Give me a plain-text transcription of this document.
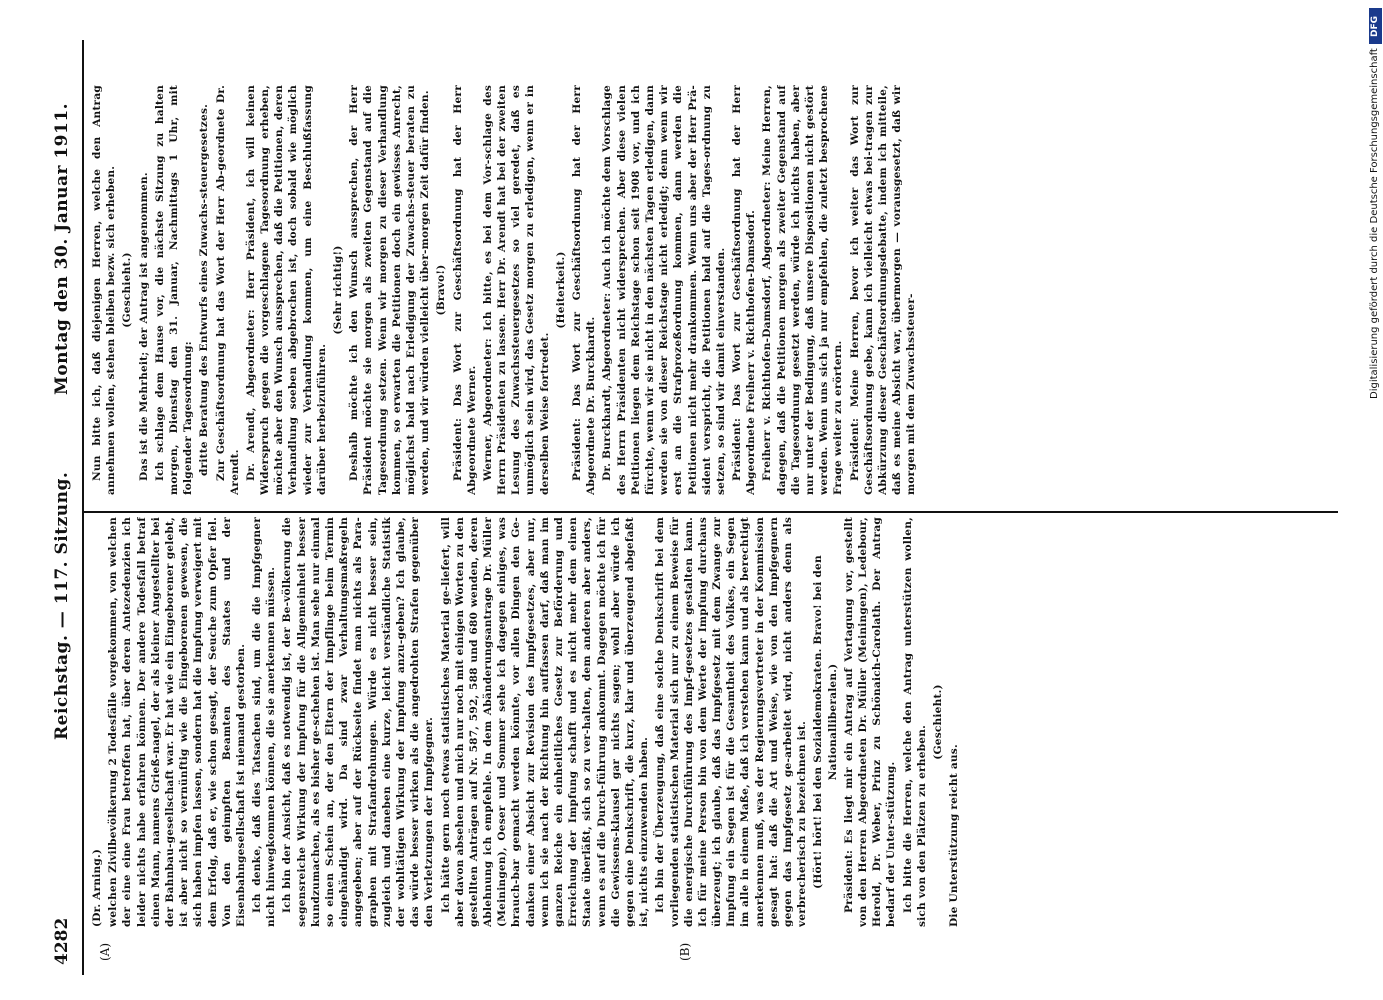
4282
Reichstag. — 117. Sitzung.
Montag den 30. Januar 1911.
(A)	(B)

(Dr. Arning.) welchen Zivilbevölkerung 2 Todesfälle vorgekommen, von welchen der eine eine Frau betroffen hat, über deren Antezedenzien ich leider nichts habe erfahren können. Der andere Todesfall betraf einen Mann, namens Grieß-nagel, der als kleiner Angestellter bei der Bahnbau-gesellschaft war. Er hat wie ein Eingeborener gelebt, ist aber nicht so vernünftig wie die Eingeborenen gewesen, die sich haben impfen lassen, sondern hat die Impfung verweigert mit dem Erfolg, daß er, wie schon gesagt, der Seuche zum Opfer fiel. Von den geimpften Beamten des Staates und der Eisenbahngesellschaft ist niemand gestorben. Ich denke, daß dies Tatsachen sind, um die die Impfgegner nicht hinwegkommen können, die sie anerkennen müssen. Ich bin der Ansicht, daß es notwendig ist, der Be-völkerung die segensreiche Wirkung der Impfung für die Allgemeinheit besser kundzumachen, als es bisher ge-schehen ist. Man sehe nur einmal so einen Schein an, der den Eltern der Impflinge beim Termin eingehändigt wird. Da sind zwar Verhaltungsmaßregeln angegeben; aber auf der Rückseite findet man nichts als Para-graphen mit Strafandrohungen. Würde es nicht besser sein, zugleich und daneben eine kurze, leicht verständliche Statistik der wohltätigen Wirkung der Impfung anzu-geben? Ich glaube, das würde besser wirken als die angedrohten Strafen gegenüber den Verletzungen der Impfgegner. Ich hätte gern noch etwas statistisches Material ge-liefert, will aber davon absehen und mich nur noch mit einigen Worten zu den gestellten Anträgen auf Nr. 587, 592, 588 und 680 wenden, deren Ablehnung ich empfehle. In dem Abänderungsantrage Dr. Müller (Meiningen), Oeser und Sommer sehe ich dagegen einiges, was brauch-bar gemacht werden könnte, vor allen Dingen den Ge-danken einer Absicht zur Revision des Impfgesetzes, aber nur, wenn ich sie nach der Richtung hin auffassen darf, daß man im ganzen Reiche ein einheitliches Gesetz zur Beförderung und Erreichung der Impfung schafft und es nicht mehr dem einen Staate überläßt, sich so zu ver-halten, dem anderen aber anders, wenn es auf die Durch-führung ankommt. Dagegen möchte ich für die Gewissens-klausel gar nichts sagen; wohl aber würde ich gegen eine Denkschrift, die kurz, klar und überzeugend abgefaßt ist, nichts einzuwenden haben. Ich bin der Überzeugung, daß eine solche Denkschrift bei dem vorliegenden statistischen Material sich nur zu einem Beweise für die energische Durchführung des Impf-gesetzes gestalten kann. Ich für meine Person bin von dem Werte der Impfung durchaus überzeugt; ich glaube, daß das Impfgesetz mit dem Zwange zur Impfung ein Segen ist für die Gesamtheit des Volkes, ein Segen im alle in einem Maße, daß ich verstehen kann und als berechtigt anerkennen muß, was der Regierungsvertreter in der Kommission gesagt hat: daß die Art und Weise, wie von den Impfgegnern gegen das Impfgesetz ge-arbeitet wird, nicht anders denn als verbrecherisch zu bezeichnen ist. (Hört! hört! bei den Sozialdemokraten. Bravo! bei den Nationalliberalen.) Präsident: Es liegt mir ein Antrag auf Vertagung vor, gestellt von den Herren Abgeordneten Dr. Müller (Meiningen), Ledebour, Herold, Dr. Weber, Prinz zu Schönaich-Carolath. Der Antrag bedarf der Unter-stützung. Ich bitte die Herren, welche den Antrag unterstützen wollen, sich von den Plätzen zu erheben.

(Geschieht.)

Die Unterstützung reicht aus.

Nun bitte ich, daß diejenigen Herren, welche den Antrag annehmen wollen, stehen bleiben bezw. sich erheben. (Geschieht.) Das ist die Mehrheit; der Antrag ist angenommen. Ich schlage dem Hause vor, die nächste Sitzung zu halten morgen, Dienstag den 31. Januar, Nachmittags 1 Uhr, mit folgender Tagesordnung: dritte Beratung des Entwurfs eines Zuwachs-steuergesetzes. Zur Geschäftsordnung hat das Wort der Herr Ab-geordnete Dr. Arendt. Dr. Arendt, Abgeordneter: Herr Präsident, ich will keinen Widerspruch gegen die vorgeschlagene Tagesordnung erheben, möchte aber den Wunsch aussprechen, daß die Petitionen, deren Verhandlung soeben abgebrochen ist, doch sobald wie möglich wieder zur Verhandlung kommen, um eine Beschlußfassung darüber herbeizuführen.

(Sehr richtig!) Deshalb möchte ich den Wunsch aussprechen, der Herr Präsident möchte sie morgen als zweiten Gegenstand auf die Tagesordnung setzen. Wenn wir morgen zu dieser Verhandlung kommen, so erwarten die Petitionen doch ein gewisses Anrecht, möglichst bald nach Erledigung der Zuwachs-steuer beraten zu werden, und wir würden vielleicht über-morgen Zeit dafür finden. (Bravo!) Präsident: Das Wort zur Geschäftsordnung hat der Herr Abgeordnete Werner. Werner, Abgeordneter: Ich bitte, es bei dem Vor-schlage des Herrn Präsidenten zu lassen. Herr Dr. Arendt hat bei der zweiten Lesung des Zuwachssteuergesetzes so viel geredet, daß es unmöglich sein wird, das Gesetz morgen zu erledigen, wenn er in derselben Weise fortredet.

(Heiterkeit.) Präsident: Das Wort zur Geschäftsordnung hat der Herr Abgeordnete Dr. Burckhardt. Dr. Burckhardt, Abgeordneter: Auch ich möchte dem Vorschlage des Herrn Präsidenten nicht widersprechen. Aber diese vielen Petitionen liegen dem Reichstage schon seit 1908 vor, und ich fürchte, wenn wir sie nicht in den nächsten Tagen erledigen, dann werden sie von dieser Reichstage nicht erledigt; denn wenn wir erst an die Strafprozeßordnung kommen, dann werden die Petitionen nicht mehr drankommen. Wenn uns aber der Herr Prä-sident verspricht, die Petitionen bald auf die Tages-ordnung zu setzen, so sind wir damit einverstanden. Präsident: Das Wort zur Geschäftsordnung hat der Herr Abgeordnete Freiherr v. Richthofen-Damsdorf. Freiherr v. Richthofen-Damsdorf, Abgeordneter: Meine Herren, dagegen, daß die Petitionen morgen als zweiter Gegenstand auf die Tagesordnung gesetzt werden, würde ich nichts haben, aber nur unter der Bedingung, daß unsere Dispositionen nicht gestört werden. Wenn uns sich ja nur empfehlen, die zuletzt besprochene Frage weiter zu erörtern. Präsident: Meine Herren, bevor ich weiter das Wort zur Geschäftsordnung gebe, kann ich vielleicht etwas bei-tragen zur Abkürzung dieser Geschäftsordnungsdebatte, indem ich mitteile, daß es meine Absicht war, übermorgen — vorausgesetzt, daß wir morgen mit dem Zuwachssteuer-

DFG
Digitalisierung gefördert durch die Deutsche Forschungsgemeinschaft
